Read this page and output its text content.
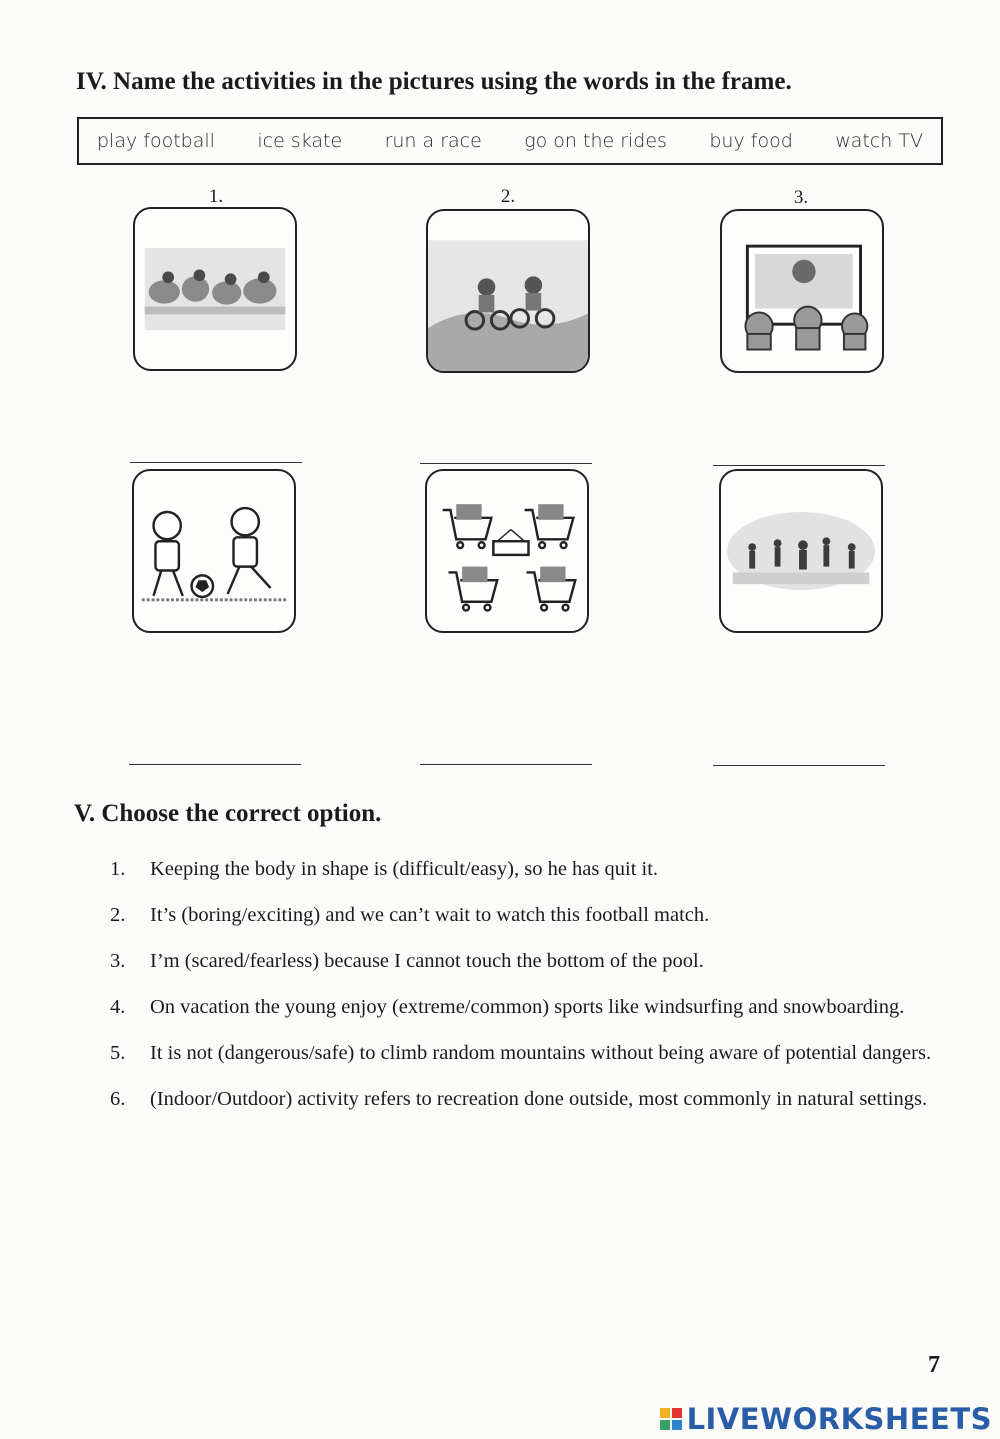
IV. Name the activities in the pictures using the words in the frame.
play football ice skate run a race go on the rides buy food watch TV
1.	2.	3.
V. Choose the correct option.
1.	Keeping the body in shape is (difficult/easy), so he has quit it.
2.	It’s (boring/exciting) and we can’t wait to watch this football match.
3.	I’m (scared/fearless) because I cannot touch the bottom of the pool.
4.	On vacation the young enjoy (extreme/common) sports like windsurfing and snowboarding.
5.	It is not (dangerous/safe) to climb random mountains without being aware of potential dangers.
6.	(Indoor/Outdoor) activity refers to recreation done outside, most commonly in natural settings.
7
LIVEWORKSHEETS
